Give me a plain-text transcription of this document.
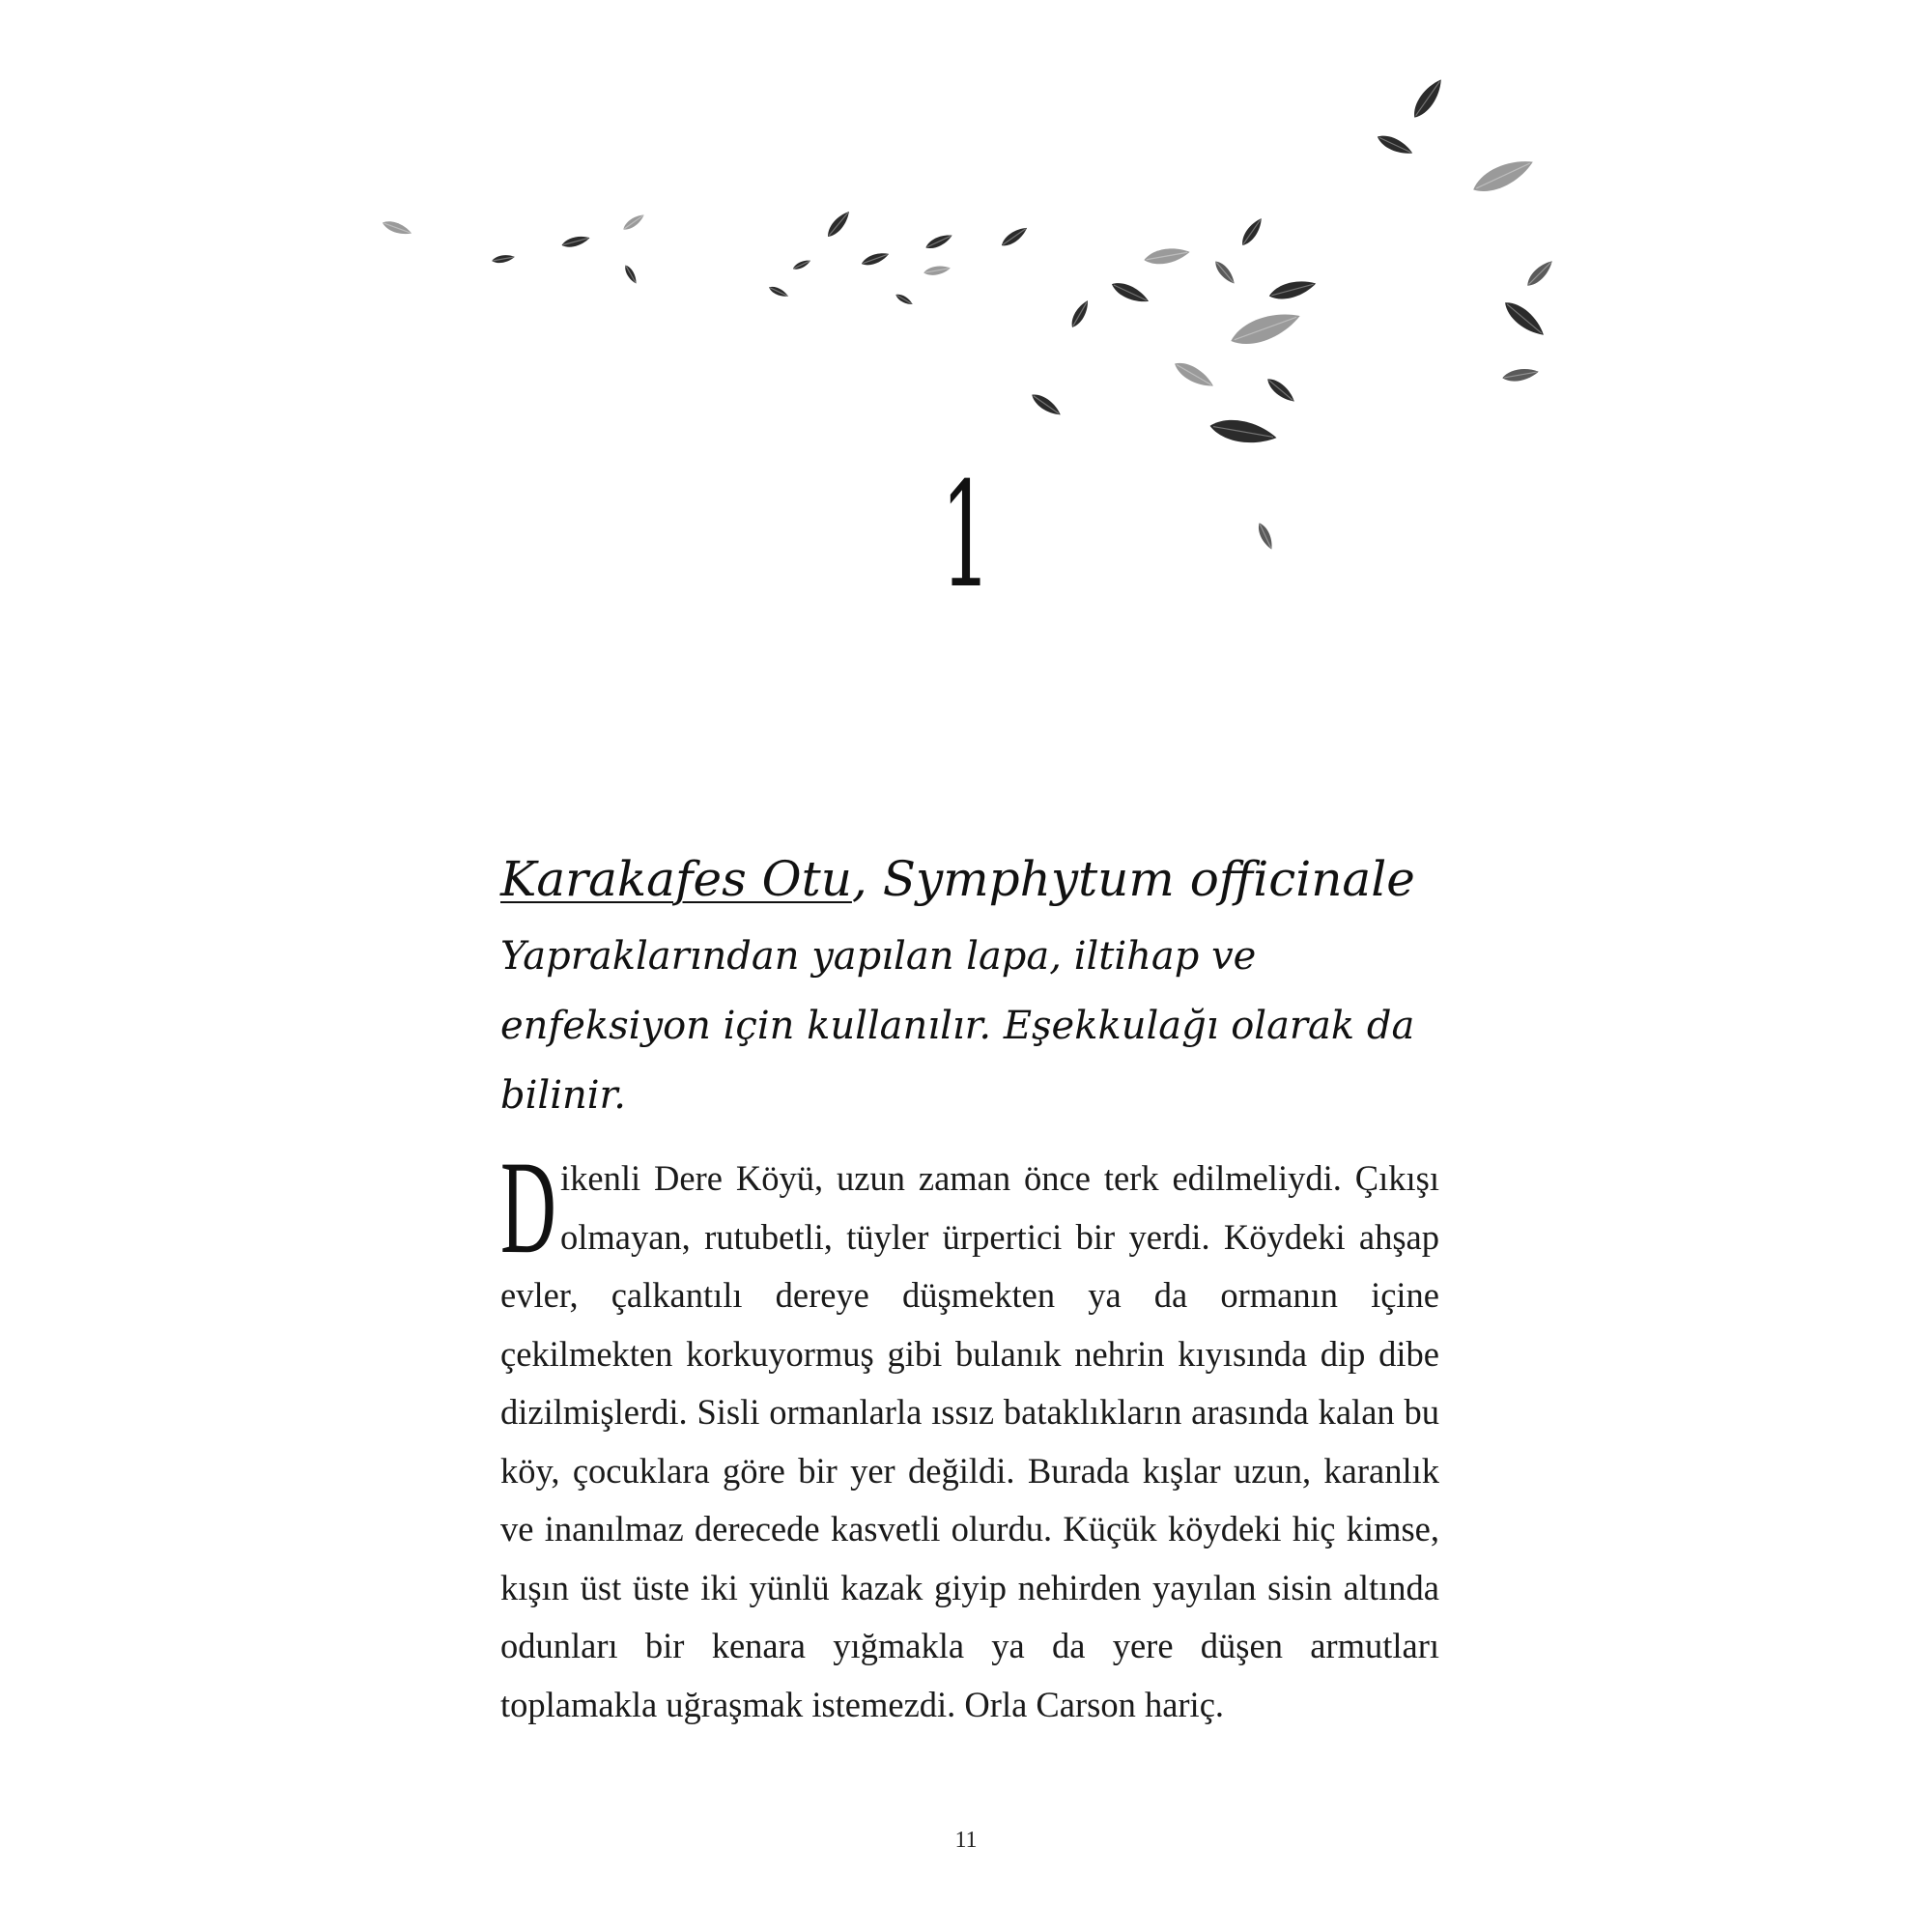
1
Karakafes Otu, Symphytum officinale
Yapraklarından yapılan lapa, iltihap ve enfeksiyon için kullanılır. Eşekkulağı olarak da bilinir.

Dikenli Dere Köyü, uzun zaman önce terk edilmeliydi. Çıkışı olmayan, rutubetli, tüyler ürpertici bir yerdi. Köydeki ahşap evler, çalkantılı dereye düşmekten ya da ormanın içine çekilmekten korkuyormuş gibi bulanık nehrin kıyısında dip dibe dizilmişlerdi. Sisli ormanlarla ıssız bataklıkların arasında kalan bu köy, çocuklara göre bir yer değildi. Burada kışlar uzun, karanlık ve inanılmaz derecede kasvetli olurdu. Küçük köydeki hiç kimse, kışın üst üste iki yünlü kazak giyip nehirden yayılan sisin altında odunları bir kenara yığmakla ya da yere düşen armutları toplamakla uğraşmak istemezdi. Orla Carson hariç.

11
